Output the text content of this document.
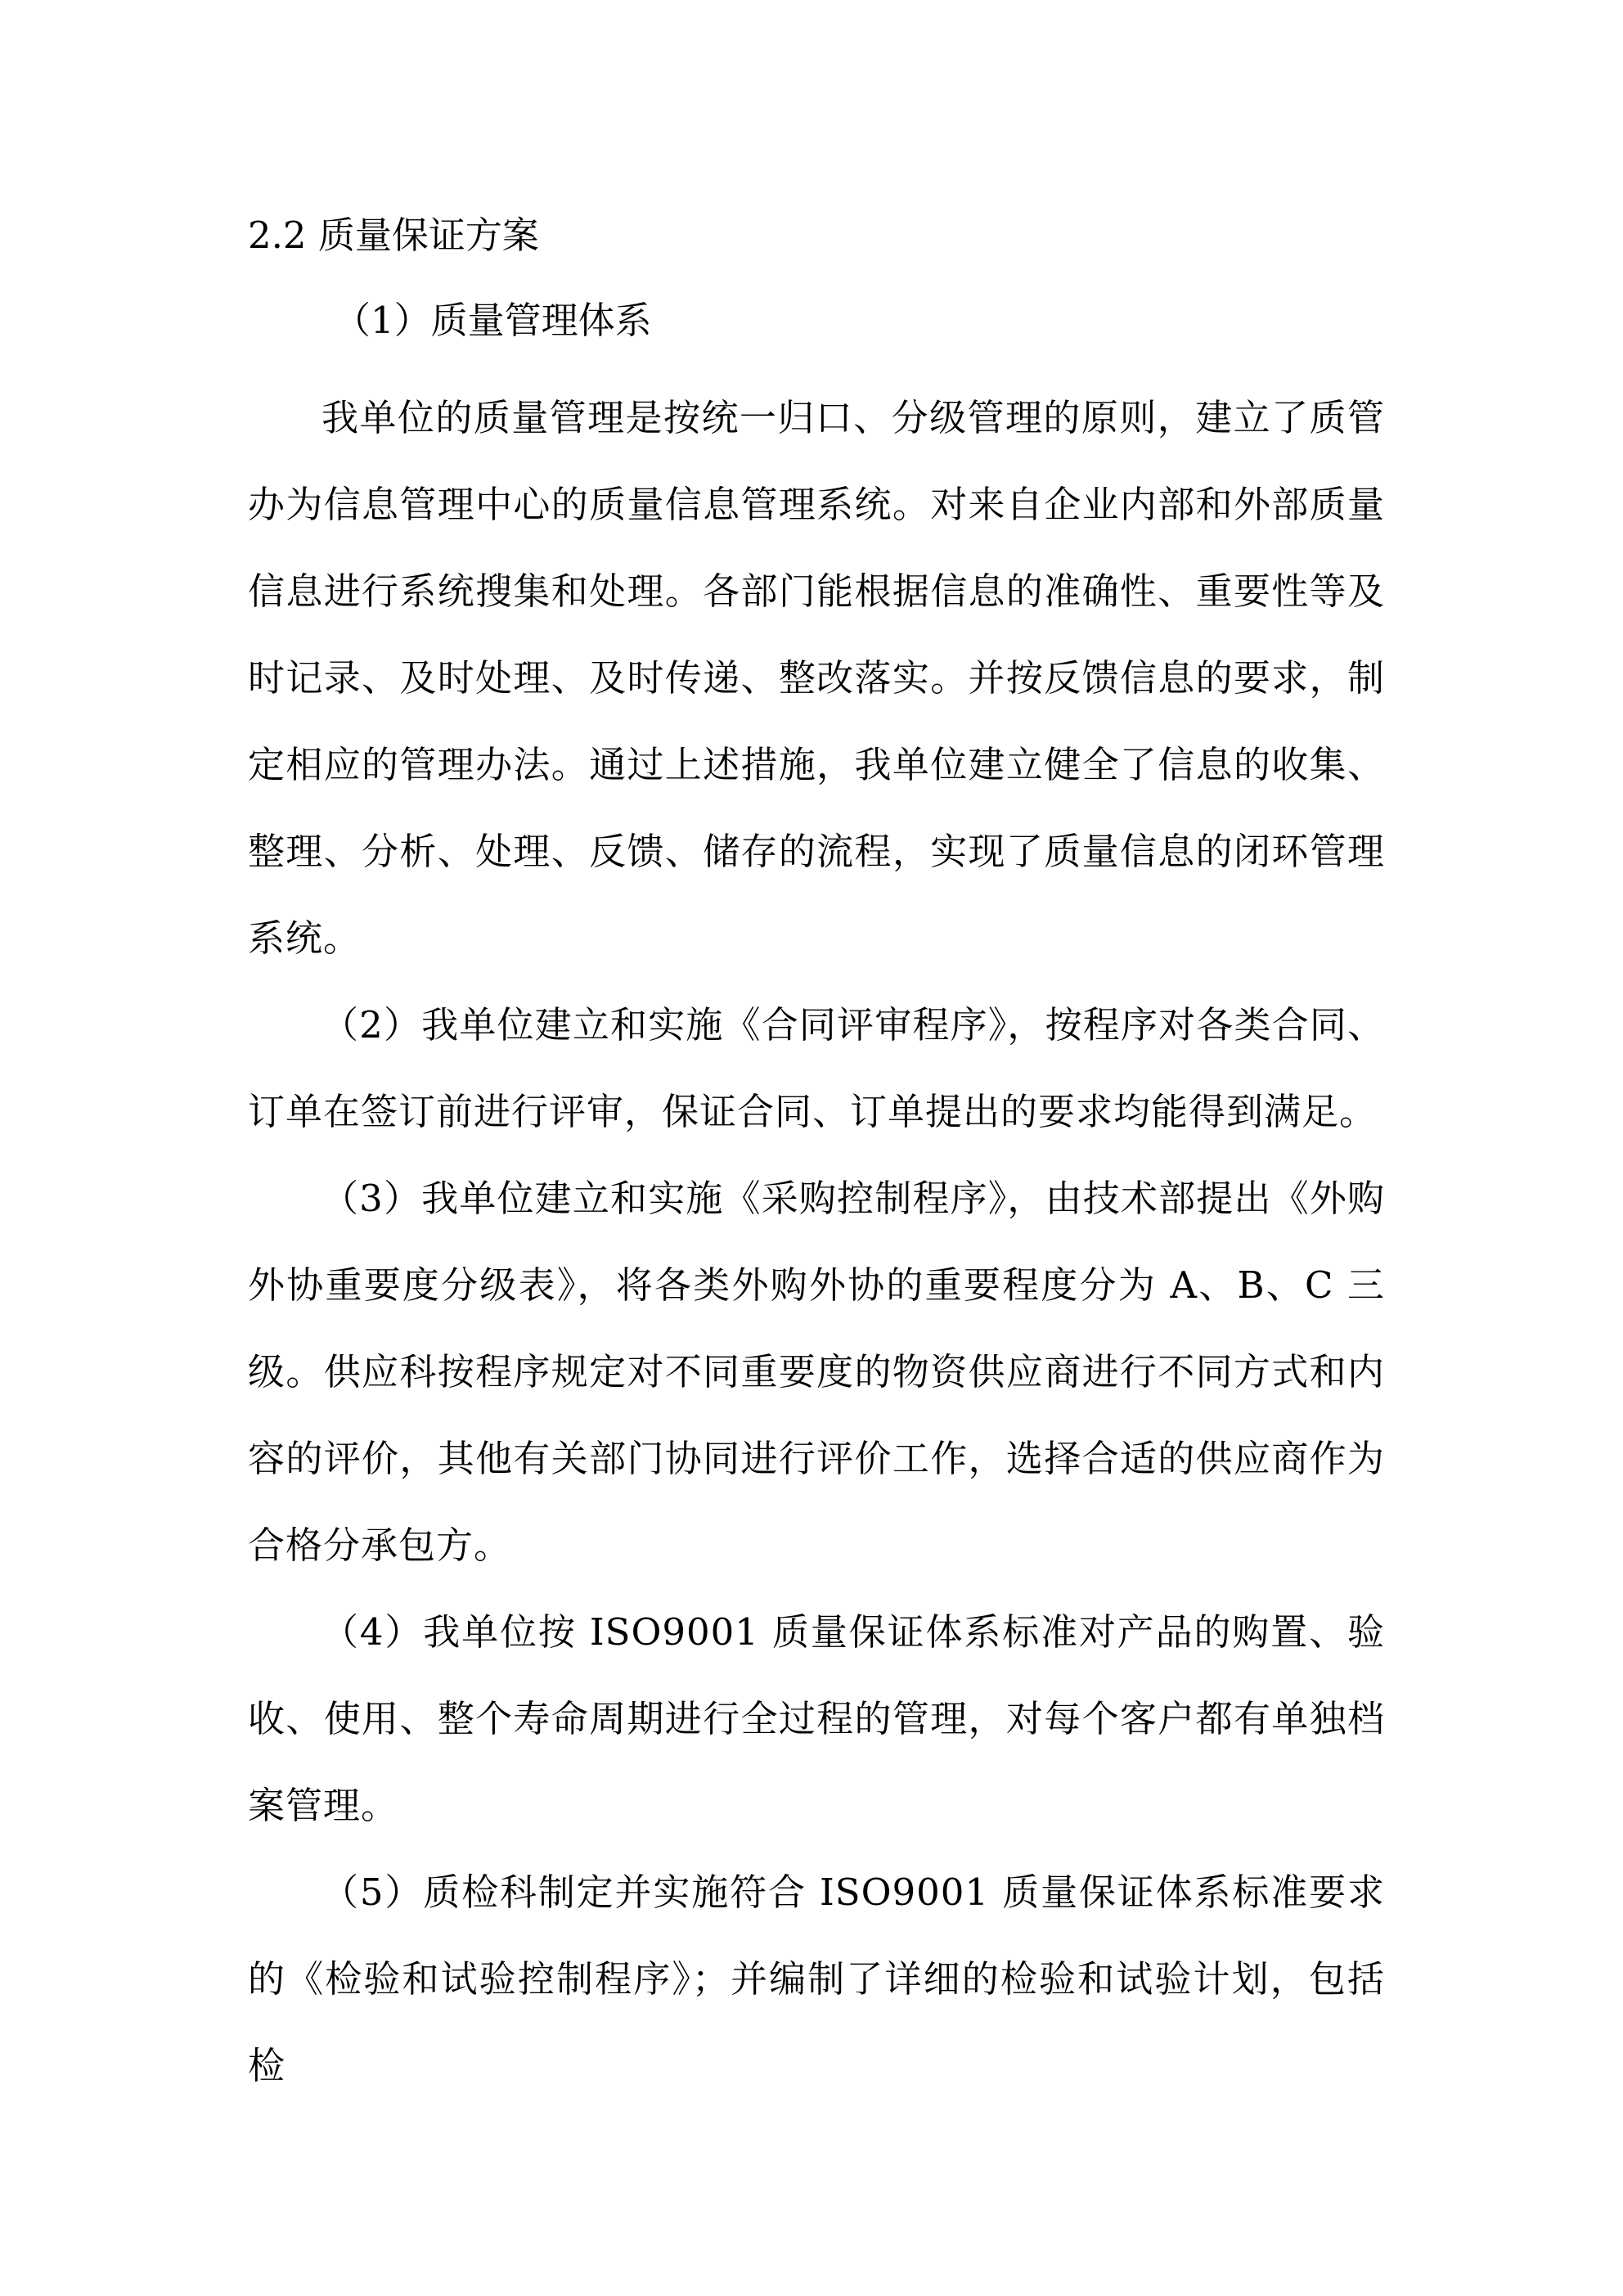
2.2 质量保证方案
（1）质量管理体系

我单位的质量管理是按统一归口、分级管理的原则，建立了质管办为信息管理中心的质量信息管理系统。对来自企业内部和外部质量信息进行系统搜集和处理。各部门能根据信息的准确性、重要性等及时记录、及时处理、及时传递、整改落实。并按反馈信息的要求，制定相应的管理办法。通过上述措施，我单位建立健全了信息的收集、整理、分析、处理、反馈、储存的流程，实现了质量信息的闭环管理系统。

（2）我单位建立和实施《合同评审程序》，按程序对各类合同、订单在签订前进行评审，保证合同、订单提出的要求均能得到满足。

（3）我单位建立和实施《采购控制程序》，由技术部提出《外购外协重要度分级表》，将各类外购外协的重要程度分为 A、B、C 三级。供应科按程序规定对不同重要度的物资供应商进行不同方式和内容的评价，其他有关部门协同进行评价工作，选择合适的供应商作为合格分承包方。

（4）我单位按 ISO9001 质量保证体系标准对产品的购置、验收、使用、整个寿命周期进行全过程的管理，对每个客户都有单独档案管理。

（5）质检科制定并实施符合 ISO9001 质量保证体系标准要求的《检验和试验控制程序》；并编制了详细的检验和试验计划，包括检
